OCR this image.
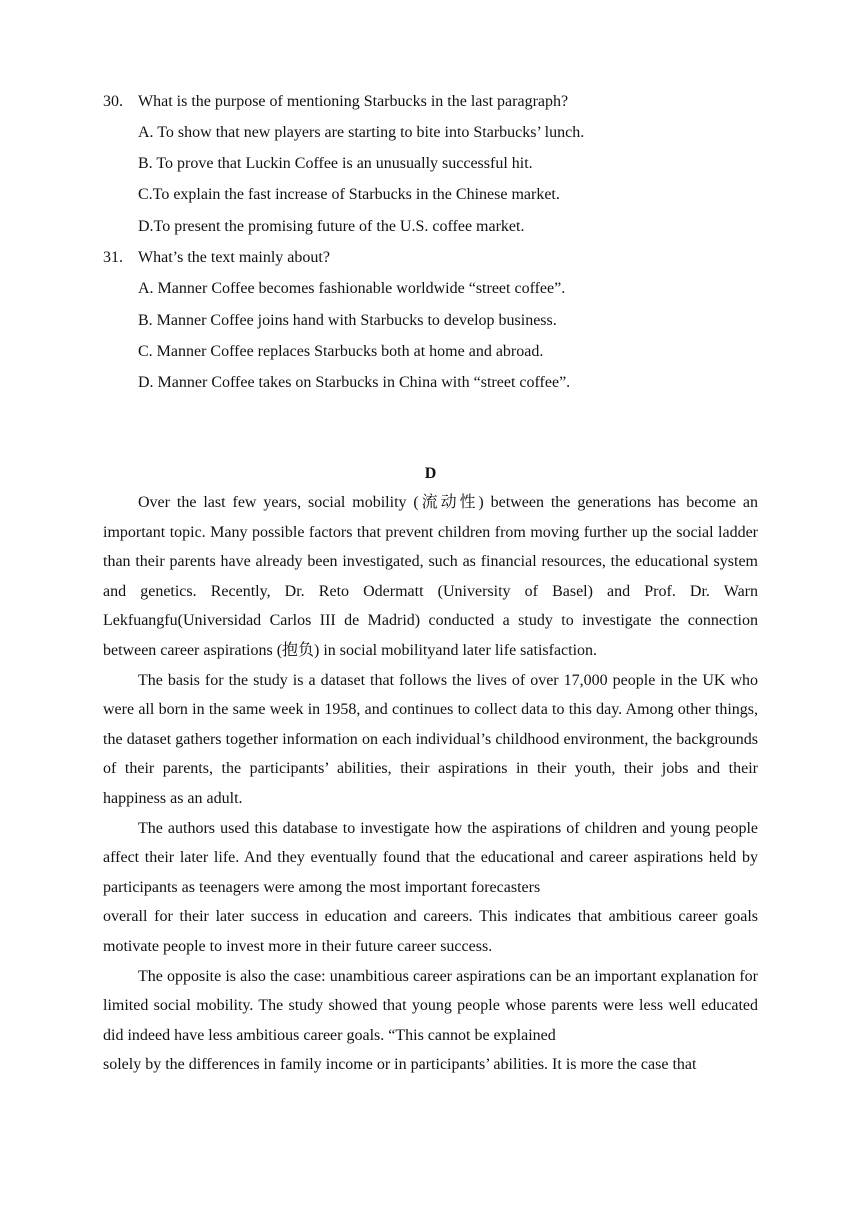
30. What is the purpose of mentioning Starbucks in the last paragraph?
A. To show that new players are starting to bite into Starbucks’ lunch.
B. To prove that Luckin Coffee is an unusually successful hit.
C.To explain the fast increase of Starbucks in the Chinese market.
D.To present the promising future of the U.S. coffee market.
31. What’s the text mainly about?
A. Manner Coffee becomes fashionable worldwide “street coffee”.
B. Manner Coffee joins hand with Starbucks to develop business.
C. Manner Coffee replaces Starbucks both at home and abroad.
D. Manner Coffee takes on Starbucks in China with “street coffee”.
D

Over the last few years, social mobility (流动性) between the generations has become an important topic. Many possible factors that prevent children from moving further up the social ladder than their parents have already been investigated, such as financial resources, the educational system and genetics. Recently, Dr. Reto Odermatt (University of Basel) and Prof. Dr. Warn Lekfuangfu(Universidad Carlos III de Madrid) conducted a study to investigate the connection between career aspirations (抱负) in social mobilityand later life satisfaction.

The basis for the study is a dataset that follows the lives of over 17,000 people in the UK who were all born in the same week in 1958, and continues to collect data to this day. Among other things, the dataset gathers together information on each individual’s childhood environment, the backgrounds of their parents, the participants’ abilities, their aspirations in their youth, their jobs and their happiness as an adult.

The authors used this database to investigate how the aspirations of children and young people affect their later life. And they eventually found that the educational and career aspirations held by participants as teenagers were among the most important forecasters

overall for their later success in education and careers. This indicates that ambitious career goals motivate people to invest more in their future career success.

The opposite is also the case: unambitious career aspirations can be an important explanation for limited social mobility. The study showed that young people whose parents were less well educated did indeed have less ambitious career goals. “This cannot be explained

solely by the differences in family income or in participants’ abilities. It is more the case that
